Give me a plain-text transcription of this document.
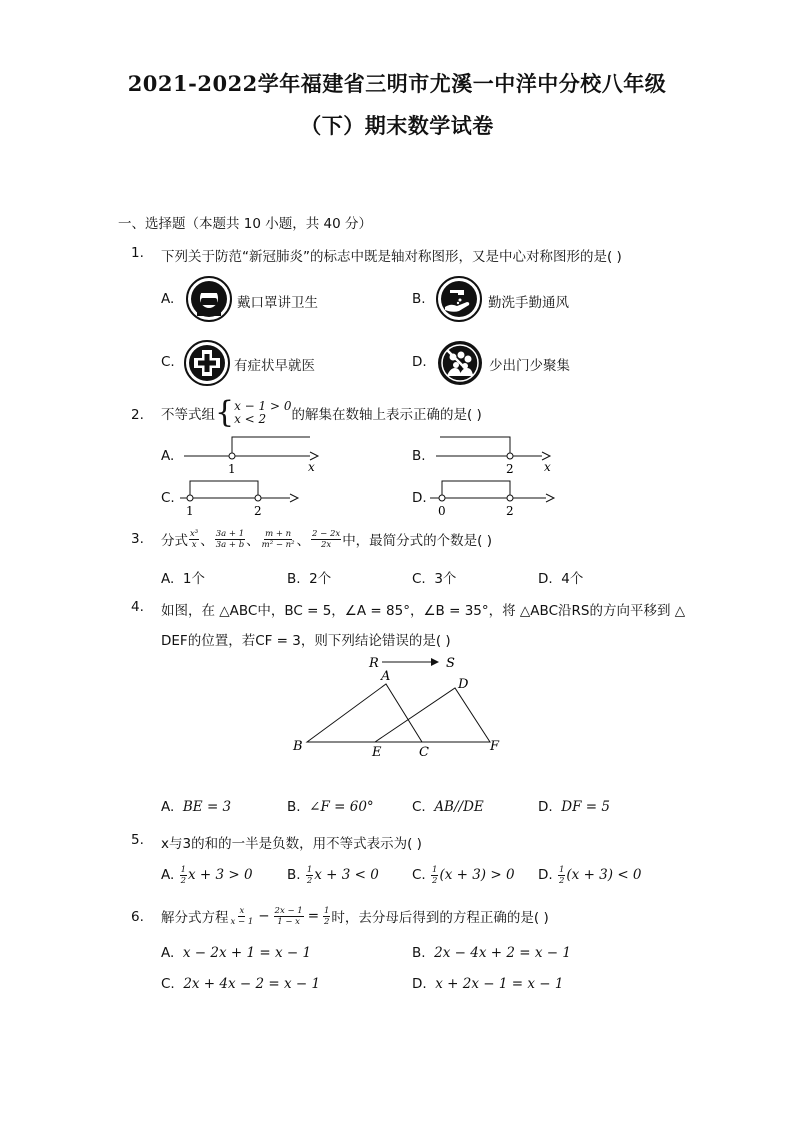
2021-2022学年福建省三明市尤溪一中洋中分校八年级
（下）期末数学试卷
一、选择题（本题共 10 小题，共 40 分）
1. 下列关于防范“新冠肺炎”的标志中既是轴对称图形，又是中心对称图形的是( )
A.	戴口罩讲卫生	B.	勤洗手勤通风
C.	有症状早就医	D.	少出门少聚集
2. 不等式组 { x − 1 > 0
x < 2	的解集在数轴上表示正确的是( )
A.
1	x
B.
2	x
C.
1	2
D.
0	2
3. 分式 $\frac{\text{x³}}{x}$ 、 $\frac{3a + 1}{3a + b}$ 、 $\frac{m + n}{\text{m² − n²}}$ 、 $\frac{2 - 2x}{2x}$ 中，最简分式的个数是( )
A. 1个	B. 2个	C. 3个	D. 4个
4. 如图，在 △ABC中，BC = 5，∠A = 85°，∠B = 35°，将 △ABC沿RS的方向平移到 △
DEF的位置，若CF = 3，则下列结论错误的是( )
R	S
A
B	C
D
E	F
A. BE = 3	B. ∠F = 60°	C. AB//DE	D. DF = 5
5. x与3的和的一半是负数，用不等式表示为( )
A.
$\frac{1}{2}$ x + 3 > 0	B.
$\frac{1}{2}$ x + 3 < 0 C.
$\frac{1}{2} (x + 3) > 0$ D.
$\frac{1}{2} (x + 3) < 0$
6. 解分式方程 $\frac{x}{x - 1} - \frac{2x - 1}{1 - x} = \frac{1}{2}$ 时，去分母后得到的方程正确的是( )
A. x − 2x + 1 = x − 1	B. 2x − 4x + 2 = x − 1
C. 2x + 4x − 2 = x − 1	D. x + 2x − 1 = x − 1
